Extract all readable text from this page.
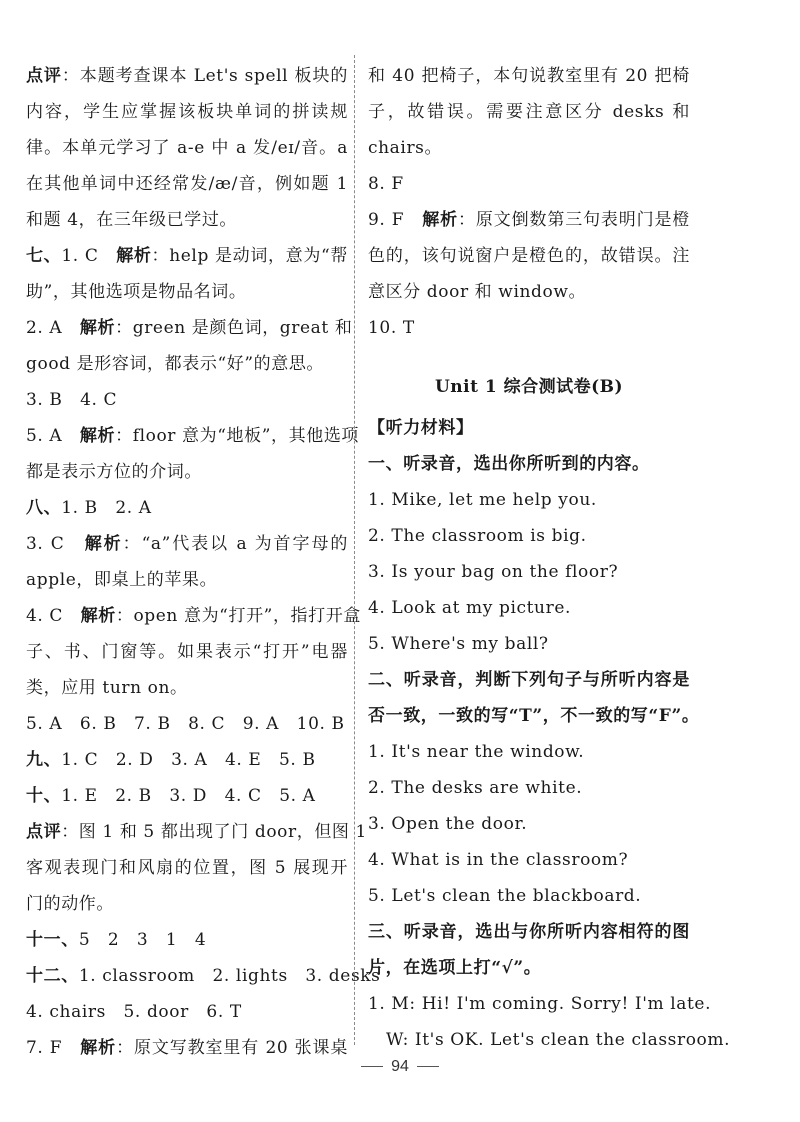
点评：本题考查课本 Let's spell 板块的
内容，学生应掌握该板块单词的拼读规
律。本单元学习了 a-e 中 a 发/eɪ/音。a
在其他单词中还经常发/æ/音，例如题 1
和题 4，在三年级已学过。
七、1. C　解析：help 是动词，意为“帮
助”，其他选项是物品名词。
2. A　解析：green 是颜色词，great 和
good 是形容词，都表示“好”的意思。
3. B　4. C
5. A　解析：floor 意为“地板”，其他选项
都是表示方位的介词。
八、1. B　2. A
3. C　解析：“a”代表以 a 为首字母的
apple，即桌上的苹果。
4. C　解析：open 意为“打开”，指打开盒
子、书、门窗等。如果表示“打开”电器
类，应用 turn on。
5. A　6. B　7. B　8. C　9. A　10. B
九、1. C　2. D　3. A　4. E　5. B
十、1. E　2. B　3. D　4. C　5. A
点评：图 1 和 5 都出现了门 door，但图 1
客观表现门和风扇的位置，图 5 展现开
门的动作。
十一、5　2　3　1　4
十二、1. classroom　2. lights　3. desks
4. chairs　5. door　6. T
7. F　解析：原文写教室里有 20 张课桌
和 40 把椅子，本句说教室里有 20 把椅
子，故错误。需要注意区分 desks 和
chairs。
8. F
9. F　解析：原文倒数第三句表明门是橙
色的，该句说窗户是橙色的，故错误。注
意区分 door 和 window。
10. T
Unit 1 综合测试卷(B)
【听力材料】
一、听录音，选出你所听到的内容。
1. Mike, let me help you.
2. The classroom is big.
3. Is your bag on the floor?
4. Look at my picture.
5. Where's my ball?
二、听录音，判断下列句子与所听内容是
否一致，一致的写“T”，不一致的写“F”。
1. It's near the window.
2. The desks are white.
3. Open the door.
4. What is in the classroom?
5. Let's clean the blackboard.
三、听录音，选出与你所听内容相符的图
片，在选项上打“√”。
1. M: Hi! I'm coming. Sorry! I'm late.
W: It's OK. Let's clean the classroom.
94
